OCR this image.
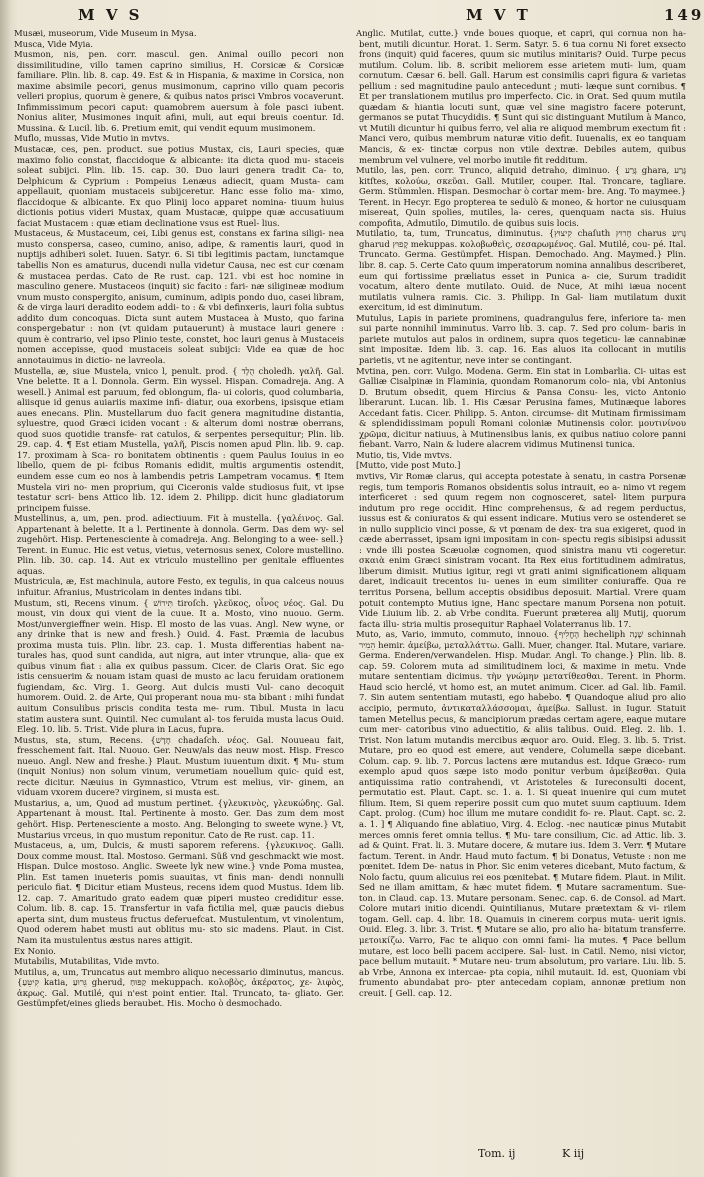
M V S	M V T	149

Musæi, museorum, Vide Museum in Mysa.

Musca, Vide Myia.

Musmon, nis, pen. corr. mascul. gen. Animal ouillo pecori non dissimilitudine, villo tamen caprino similius, H. Corsicæ & Corsicæ familiare. Plin. lib. 8. cap. 49. Est & in Hispania, & maxime in Corsica, non maxime absimile pecori, genus musimonum, caprino villo quam pecoris velleri propius, quorum è genere, & quibus natos prisci Vmbros vocaverunt. Infimmissimum pecori caput: quamobrem auersum à fole pasci iubent. Nonius aliter, Musimones inquit afini, muli, aut equi breuis coentur. Id. Mussina. & Lucil. lib. 6. Pretium emit, qui vendit equum musimonem.

Muflo, mussas, Vide Mutio in mvtvs.

Mustacæ, ces, pen. product. sue potius Mustax, cis, Lauri species, quæ maximo folio constat, flaccidoque & albicante: ita dicta quod mu- staceis soleat subijci. Plin. lib. 15. cap. 30. Duo lauri genera tradit Ca- to, Delphicum & Cyprium : Pompeius Lenæus adiecit, quam Musta- cam appellauit, quoniam mustaceis subijceretur. Hanc esse folio ma- ximo, flaccidoque & albicante. Ex quo Plinij loco apparet nomina- tiuum huius dictionis potius videri Mustax, quam Mustacæ, quippe quæ accusatiuum faciat Mustacem : quæ etiam declinatione vsus est Ruel- lius.

Mustaceus, & Mustaceum, cei, Libi genus est, constans ex farina siligi- nea musto conspersa, caseo, cumino, aniso, adipe, & ramentis lauri, quod in nuptijs adhiberi solet. Iuuen. Satyr. 6. Si tibi legitimis pactam, iunctamque tabellis Non es amaturus, ducendi nulla videtur Causa, nec est cur cœnam & mustacea perdas. Cato de Re rust. cap. 121. vbi est hoc nomine in masculino genere. Mustaceos (inquit) sic facito : fari- næ siligineæ modium vnum musto conspergito, anisum, cuminum, adipis pondo duo, casei libram, & de virga lauri deradito eodem addi- to : & vbi definxeris, lauri folia subtus addito dum concoquas. Dicta sunt autem Mustacea à Musto, quo farina conspergebatur : non (vt quidam putauerunt) à mustace lauri genere : quum è contrario, vel ipso Plinio teste, constet, hoc lauri genus à Mustaceis nomen accepisse, quod mustaceis soleat subijci: Vide ea quæ de hoc annotauimus in dictio- ne lavreola.

Mustella, æ, siue Mustela, vnico l, penult. prod. { הֻלֶד choledh. γαλῆ. Gal. Vne belette. It a l. Donnola. Germ. Ein wyssel. Hispan. Comadreja. Ang. A wesell.} Animal est paruum, fed oblongum, fla- ui coloris, quod columbaria, aliisque id genus auiariis maxime infi- diatur, oua exorbens, ipsisque etiam aues enecans. Plin. Mustellarum duo facit genera magnitudine distantia, syluestre, quod Græci iciden vocant : & alterum domi nostræ oberrans, quod suos quotidie transfe- rat catulos, & serpentes persequitur; Plin. lib. 29. cap. 4. ¶ Est etiam Mustella, γαλῆ, Piscis nomen apud Plin. lib. 9. cap. 17. proximam à Sca- ro bonitatem obtinentis : quem Paulus Iouius in eo libello, quem de pi- fcibus Romanis edidit, multis argumentis ostendit, eundem esse cum eo nos à lambendis petris Lampetram vocamus. ¶ Item Mustela viri no- men proprium, qui Ciceronis valde studiosus fuit, vt ipse testatur scri- bens Attico lib. 12. idem 2. Philipp. dicit hunc gladiatorum principem fuisse.

Mustellinus, a, um, pen. prod. adiectiuum. Fit à mustella. {γαλέινος. Gal. Appartenant à belette. It a l. Pertinente à donnola. Germ. Das dem wy- sel zugehört. Hisp. Pertenesciente à comadreja. Ang. Belonging to a wee- sell.} Terent. in Eunuc. Hic est vetus, vietus, veternosus senex, Colore mustellino. Plin. lib. 30. cap. 14. Aut ex vtriculo mustellino per genitale effluentes aquas.

Mustricula, æ, Est machinula, autore Festo, ex tegulis, in qua calceus nouus infuitur. Afranius, Mustricolam in dentes indans tibi.

Mustum, sti, Recens vinum. { תִּירוֹשׁ tiroſch. γλεῦκος, οἶνος νέος. Gal. Du moust, vin doux qui vient de la cuue. It a. Mosto, vino nuouo. Germ. Most/unvergieffner wein. Hisp. El mosto de las vuas. Angl. New wyne, or any drinke that is new and fresh.} Ouid. 4. Fast. Præmia de lacubus proxima musta tuis. Plin. libr. 23. cap. 1. Musta differentias habent na- turales has, quod sunt candida, aut nigra, aut inter vtrunque, alia- que ex quibus vinum fiat : alia ex quibus passum. Cicer. de Claris Orat. Sic ego istis censuerim & nouam istam quasi de musto ac lacu feruidam orationem fugiendam, &c. Virg. 1. Georg. Aut dulcis musti Vul- cano decoquit humorem. Ouid. 2. de Arte, Qui properant noua mu- sta bibant : mihi fundat auitum Consulibus priscis condita testa me- rum. Tibul. Musta in lacu statim austera sunt. Quintil. Nec cumulant al- tos feruida musta lacus Ouid. Eleg. 10. lib. 5. Trist. Vide plura in Lacus, fupra.

Mustus, sta, stum, Recens. {חָדָשׁ chadaſch. νέος. Gal. Nouueau fait, fresschement fait. Ital. Nuouo. Ger. Neuw/als das neuw most. Hisp. Fresco nueuo. Angl. New and freshe.} Plaut. Mustum iuuentum dixit. ¶ Mu- stum (inquit Nonius) non solum vinum, verumetiam nouellum quic- quid est, recte dicitur. Næuius in Gymnastico, Vtrum est melius, vir- ginem, an viduam vxorem ducere? virginem, si musta est.

Mustarius, a, um, Quod ad mustum pertinet. {γλευκινὸς, γλευκώδης. Gal. Appartenant à moust. Ital. Pertinente à mosto. Ger. Das zum dem most gehört. Hisp. Pertenesciente a mosto. Ang. Belonging to sweete wyne.} Vt, Mustarius vrceus, in quo mustum reponitur. Cato de Re rust. cap. 11.

Mustaceus, a, um, Dulcis, & musti saporem referens. {γλευκινος. Galli. Doux comme moust. Ital. Mostoso. Germani. Süß vnd geschmackt wie most. Hispan. Dulce mostoso. Anglic. Sweete lyk new wine.} vnde Poma mustea, Plin. Est tamen inueteris pomis suauitas, vt finis man- dendi nonnulli periculo fiat. ¶ Dicitur etiam Musteus, recens idem quod Mustus. Idem lib. 12. cap. 7. Amaritudo grato eadem quæ piperi musteo crediditur esse. Colum. lib. 8. cap. 15. Transfertur in vafa fictilia mel, quæ paucis diebus aperta sint, dum musteus fructus deferuefcat. Mustulentum, vt vinolentum, Quod oderem habet musti aut oblitus mu- sto sic madens. Plaut. in Cist. Nam ita mustulentus æstus nares attigit.

Ex Nonio.

Mutabilis, Mutabilitas, Vide mvto.

Mutilus, a, um, Truncatus aut membro aliquo necessario diminutus, mancus. {קִיטֵּעַ katia, גֵּרוּעַ gherud, קַפּוּחַ mekuppach. κολοβὸς, ἀκέρατος, χε- λιφὸς, ἀκρως. Gal. Mutilé, qui n'est point entier. Ital. Truncato, ta- gliato. Ger. Gestümpfet/eines glieds beraubet. His. Mocho ò desmochado.

Anglic. Mutilat, cutte.} vnde boues quoque, et capri, qui cornua non ha- bent, mutili dicuntur. Horat. 1. Serm. Satyr. 5. 6 tua cornu Ni foret exsecto frons (inquit) quid faceres, quum sic mutilus minitaris? Ouid. Turpe pecus mutilum. Colum. lib. 8. scribit meliorem esse arietem muti- lum, quam cornutum. Cæsar 6. bell. Gall. Harum est consimilis capri figura & varietas pellium : sed magnitudine paulo antecedunt ; muti- læque sunt cornibus. ¶ Et per translationem mutilus pro imperfecto. Cic. in Orat. Sed quum mutila quædam & hiantia locuti sunt, quæ vel sine magistro facere poterunt, germanos se putat Thucydidis. ¶ Sunt qui sic distinguant Mutilum à Manco, vt Mutili dicuntur hi quibus ferro, vel alia re aliquod membrum exectum fit : Manci vero, quibus membrum naturæ vitio defit. Iuuenalis, ex eo tanquam Mancis, & ex- tinctæ corpus non vtile dextræ. Debiles autem, quibus membrum vel vulnere, vel morbo inutile fit redditum.

Mutilo, las, pen. corr. Trunco, aliquid detraho, diminuo. { גָּרַע ghara, גָּרַע kitſtes, κολούω, σκεῦαι. Gall. Mutiler, couper. Ital. Troncare, tagliare. Germ. Stümmlen. Hispan. Desmochar ò cortar mem- bre. Ang. To maymee.} Terent. in Hecyr. Ego propterea te sedulò & moneo, & hortor ne cuiusquam misereat, Quin spolies, mutiles, la- ceres, quenquam nacta sis. Huius compofita, Admutilo, Dimutilo. de quibus suis locis.

Mutilatio, ta, tum, Truncatus, diminutus. {קִיצוּץ chaſuth חָרוּץ charus גָּרוּעַ gharud קָפוּץ mekuppas. κολοβωθεὶς, σεσαρωμένος. Gal. Mutilé, cou- pé. Ital. Truncato. Germa. Gestümpfet. Hispan. Demochado. Ang. Maymed.} Plin. libr. 8. cap. 5. Certe Cato quum imperatorum nomina annalibus describeret, eum qui fortissime præliatus esset in Punica a- cie, Surum tradidit vocatum, altero dente mutilato. Ouid. de Nuce, At mihi iæua nocent mutilatis vulnera ramis. Cic. 3. Philipp. In Gal- liam mutilatum duxit exercitum, id est diminutum.

Mutulus, Lapis in pariete prominens, quadrangulus fere, inferiore ta- men sui parte nonnihil imminutus. Varro lib. 3. cap. 7. Sed pro colum- baris in pariete mutulos aut palos in ordinem, supra quos tegeticu- læ cannabinæ sint impositæ. Idem lib. 3. cap. 16. Eas aluos ita collocant in mutilis parietis, vt ne agitentur, neve inter se contingant.

Mvtina, pen. corr. Vulgo. Modena. Germ. Ein stat in Lombarlia. Ci- uitas est Galliæ Cisalpinæ in Flaminia, quondam Romanorum colo- nia, vbi Antonius D. Brutum obsedit, quem Hircius & Pansa Consu- les, victo Antonio liberarunt. Lucan. lib. 1. His Cæsar Perusina fames, Mutinæque labores Accedant fatis. Cicer. Philipp. 5. Anton. circumse- dit Mutinam firmissimam & splendidissimam populi Romani coloniæ Mutinensis color. μουτινίνου χρῶμα, dicitur natiuus, à Mutinensibus lanis, ex quibus natiuo colore panni fiebant. Varro, Nain & ludere alacrem vidimus Mutinensi tunica.

Mutio, tis, Vide mvtvs.

[Mutto, vide post Muto.]

mvtivs, Vir Romæ clarus, qui accepta potestate à senatu, in castra Porsenæ regis, tum temporis Romanos obsidentis solus intrauit, eo a- nimo vt regem interficeret : sed quum regem non cognosceret, satel- litem purpura indutum pro rege occidit. Hinc comprehensus, & ad regem perductus, iussus est & coniuratos & qui essent indicare. Mutius vero se ostenderet se in nullo supplicio vinci posse, & vt pœnam de dex- tra sua exigeret, quod in cæde aberrasset, ipsam igni impositam in con- spectu regis sibisipsi adussit : vnde illi postea Scæuolæ cognomen, quod sinistra manu vti cogeretur. σκαιὰ enim Græci sinistram vocant. Ita Rex eius fortitudinem admiratus, liberum dimisit. Mutius igitur, regi vt grati animi significationem aliquam daret, indicauit trecentos iu- uenes in eum similiter coniuraffe. Qua re territus Porsena, bellum acceptis obsidibus deposuit. Martial. Vrere quam potuit contempto Mutius igne, Hanc spectare manum Porsena non potuit. Vide Liuium lib. 2. ab Vrbe condita. Fuerunt præterea alij Mutij, quorum facta illu- stria multis prosequitur Raphael Volaterranus lib. 17.

Muto, as, Vario, immuto, commuto, innouo. {הֶחֱלִיף hecheliph שָׁנָה schinnah הֵמִיר hemir. ἀμείβω, μεταλλάττω. Galli. Muer, changer. Ital. Mutare, variare. Germa. Enderen/verwandelen. Hisp. Mudar. Angl. To change.} Plin. lib. 8. cap. 59. Colorem muta ad similitudinem loci, & maxime in metu. Vnde mutare sententiam dicimus. τὴν γνώμην μετατίθεσθαι. Terent. in Phorm. Haud scio herclé, vt homo est, an mutet animum. Cicer. ad Gal. lib. Famil. 7. Sin autem sententiam mutasti, ego habebo. ¶ Quandoque aliud pro alio accipio, permuto, ἀντικαταλλάσσομαι, ἀμείβω. Sallust. in Iugur. Statuit tamen Metellus pecus, & mancipiorum prædas certam agere, eaque mutare cum mer- catoribus vino aduectitio, & aliis talibus. Ouid. Eleg. 2. lib. 1. Trist. Non latum mutandis mercibus æquor aro. Ouid. Eleg. 3. lib. 5. Trist. Mutare, pro eo quod est emere, aut vendere, Columella sæpe dicebant. Colum. cap. 9. lib. 7. Porcus lactens ære mutandus est. Idque Græco- rum exemplo apud quos sæpe isto modo ponitur verbum ἀμείβεσθαι. Quia antiquissima ratio contrahendi, vt Aristoteles & Iureconsulti docent, permutatio est. Plaut. Capt. sc. 1. a. 1. Si queat inuenire qui cum mutet filium. Item, Si quem reperire possit cum quo mutet suum captiuum. Idem Capt. prolog. (Cum) hoc illum me mutare condidit fo- re. Plaut. Capt. sc. 2. a. 1. ] ¶ Aliquando fine ablatiuo, Virg. 4. Eclog. -nec nauticæ pinus Mutabit merces omnis feret omnia tellus. ¶ Mu- tare consilium, Cic. ad Attic. lib. 3. ad & Quint. Frat. li. 3. Mutare docere, & mutare ius. Idem 3. Verr. ¶ Mutare factum. Terent. in Andr. Haud muto factum. ¶ bi Donatus, Vetuste : non me pœnitet. Idem De- natus in Phor. Sic enim veteres dicebant, Muto factum, & Nolo factu, quum alicuius rei eos pœnitebat. ¶ Mutare fidem. Plaut. in Milit. Sed ne illam amittam, & hæc mutet fidem. ¶ Mutare sacramentum. Sue- ton. in Claud. cap. 13. Mutare personam. Senec. cap. 6. de Consol. ad Mart. Colore mutari initio dicendi. Quintilianus, Mutare prætextam & vi- rilem togam. Gell. cap. 4. libr. 18. Quamuis in cinerem corpus muta- uerit ignis. Ouid. Eleg. 3. libr. 3. Trist. ¶ Mutare se alio, pro alio ha- bitatum transferre. μετοικίζω. Varro, Fac te aliquo con omni fami- lia mutes. ¶ Pace bellum mutare, est loco belli pacem accipere. Sal- lust. in Catil. Nemo, nisi victor, pace bellum mutauit. * Mutare neu- trum absolutum, pro variare. Liu. lib. 5. ab Vrbe, Annona ex intercae- pta copia, nihil mutauit. Id. est, Quoniam vbi frumento abundabat pro- pter antecedam copiam, annonæ pretium non creuit. [ Gell. cap. 12.

Tom. ij	K iij
